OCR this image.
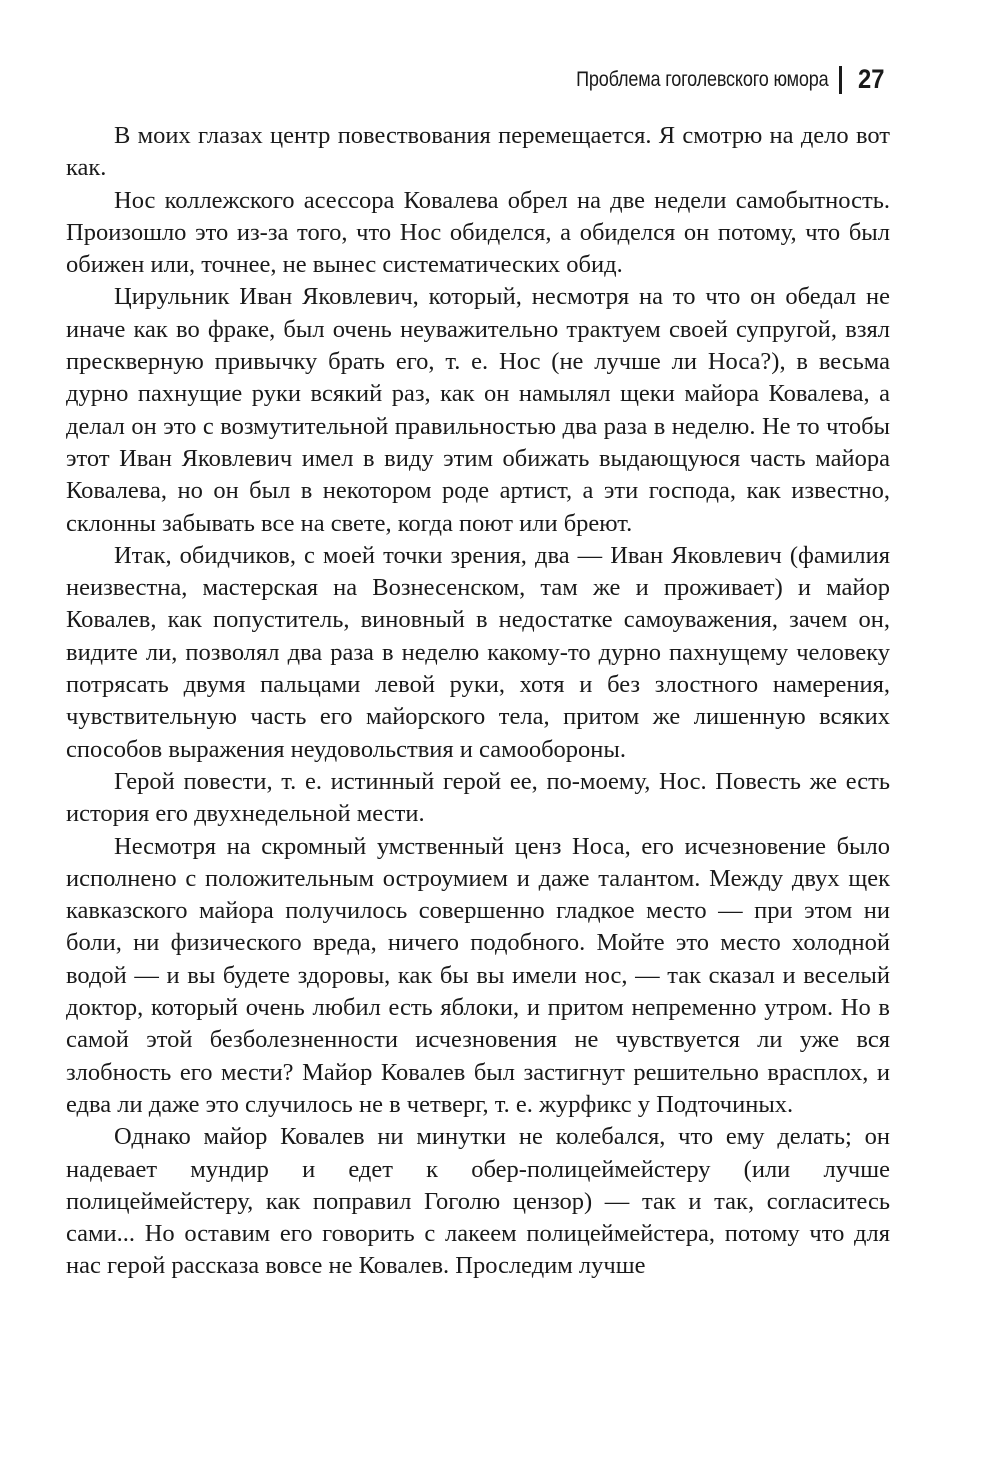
Проблема гоголевского юмора 27

В моих глазах центр повествования перемещается. Я смотрю на дело вот как.

Нос коллежского асессора Ковалева обрел на две недели самобытность. Произошло это из-за того, что Нос обиделся, а обиделся он потому, что был обижен или, точнее, не вынес систематических обид.

Цирульник Иван Яковлевич, который, несмотря на то что он обедал не иначе как во фраке, был очень неуважительно трактуем своей супругой, взял прескверную привычку брать его, т. е. Нос (не лучше ли Носа?), в весьма дурно пахнущие руки всякий раз, как он намылял щеки майора Ковалева, а делал он это с возмутительной правильностью два раза в неделю. Не то чтобы этот Иван Яковлевич имел в виду этим обижать выдающуюся часть майора Ковалева, но он был в некотором роде артист, а эти господа, как известно, склонны забывать все на свете, когда поют или бреют.

Итак, обидчиков, с моей точки зрения, два — Иван Яковлевич (фамилия неизвестна, мастерская на Вознесенском, там же и проживает) и майор Ковалев, как попуститель, виновный в недостатке самоуважения, зачем он, видите ли, позволял два раза в неделю какому-то дурно пахнущему человеку потрясать двумя пальцами левой руки, хотя и без злостного намерения, чувствительную часть его майорского тела, притом же лишенную всяких способов выражения неудовольствия и самообороны.

Герой повести, т. е. истинный герой ее, по-моему, Нос. Повесть же есть история его двухнедельной мести.

Несмотря на скромный умственный ценз Носа, его исчезновение было исполнено с положительным остроумием и даже талантом. Между двух щек кавказского майора получилось совершенно гладкое место — при этом ни боли, ни физического вреда, ничего подобного. Мойте это место холодной водой — и вы будете здоровы, как бы вы имели нос, — так сказал и веселый доктор, который очень любил есть яблоки, и притом непременно утром. Но в самой этой безболезненности исчезновения не чувствуется ли уже вся злобность его мести? Майор Ковалев был застигнут решительно врасплох, и едва ли даже это случилось не в четверг, т. е. журфикс у Подточиных.

Однако майор Ковалев ни минутки не колебался, что ему делать; он надевает мундир и едет к обер-полицеймейстеру (или лучше полицеймейстеру, как поправил Гоголю цензор) — так и так, согласитесь сами... Но оставим его говорить с лакеем полицеймейстера, потому что для нас герой рассказа вовсе не Ковалев. Проследим лучше
